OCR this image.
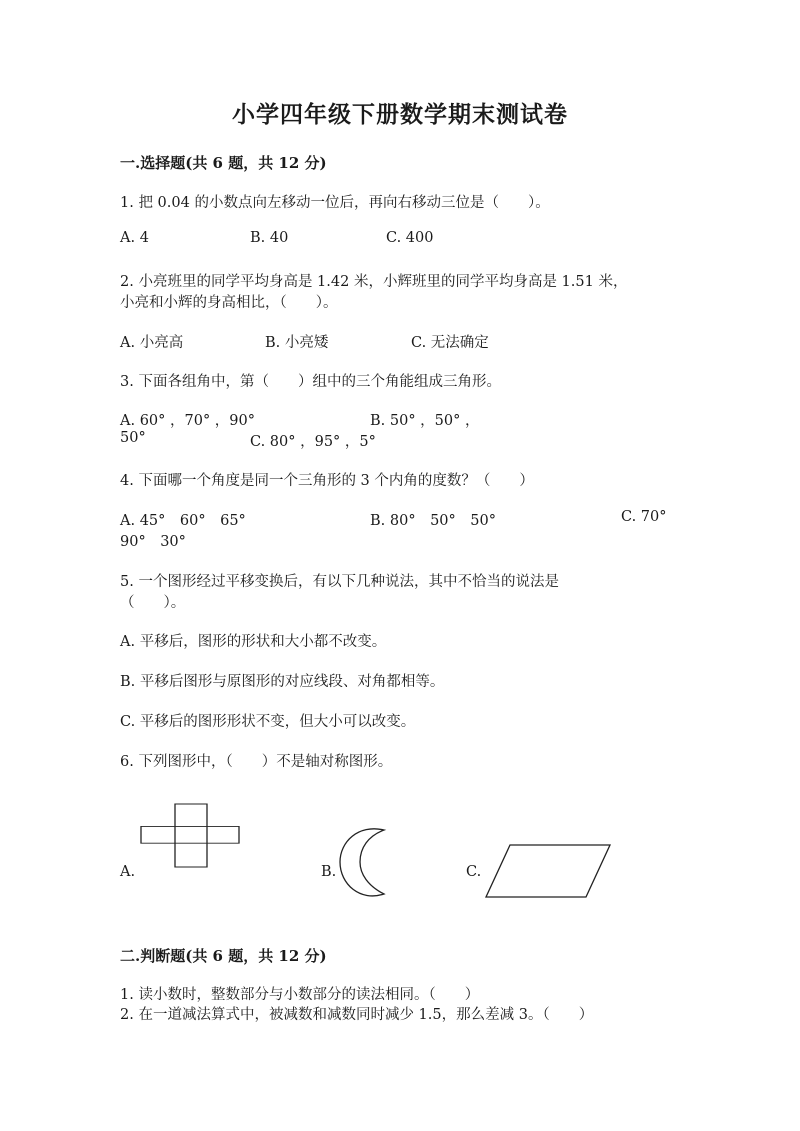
小学四年级下册数学期末测试卷
一.选择题(共 6 题，共 12 分)
1. 把 0.04 的小数点向左移动一位后，再向右移动三位是（　　）。
A. 4	B. 40	C. 400
2. 小亮班里的同学平均身高是 1.42 米，小辉班里的同学平均身高是 1.51 米，
小亮和小辉的身高相比，（　　）。
A. 小亮高	B. 小亮矮	C. 无法确定
3. 下面各组角中，第（　　）组中的三个角能组成三角形。
A. 60° ，70° ，90°	B. 50° ，50° ，
50°	C. 80° ，95° ，5°
4. 下面哪一个角度是同一个三角形的 3 个内角的度数？（　　）
A. 45°　60°　65°	B. 80°　50°　50°	C. 70°
90°　30°
5. 一个图形经过平移变换后，有以下几种说法，其中不恰当的说法是
（　　）。
A. 平移后，图形的形状和大小都不改变。
B. 平移后图形与原图形的对应线段、对角都相等。
C. 平移后的图形形状不变，但大小可以改变。
6. 下列图形中，（　　）不是轴对称图形。
A.	B.	C.
二.判断题(共 6 题，共 12 分)
1. 读小数时，整数部分与小数部分的读法相同。（　　）
2. 在一道减法算式中，被减数和减数同时减少 1.5，那么差减 3。（　　）
